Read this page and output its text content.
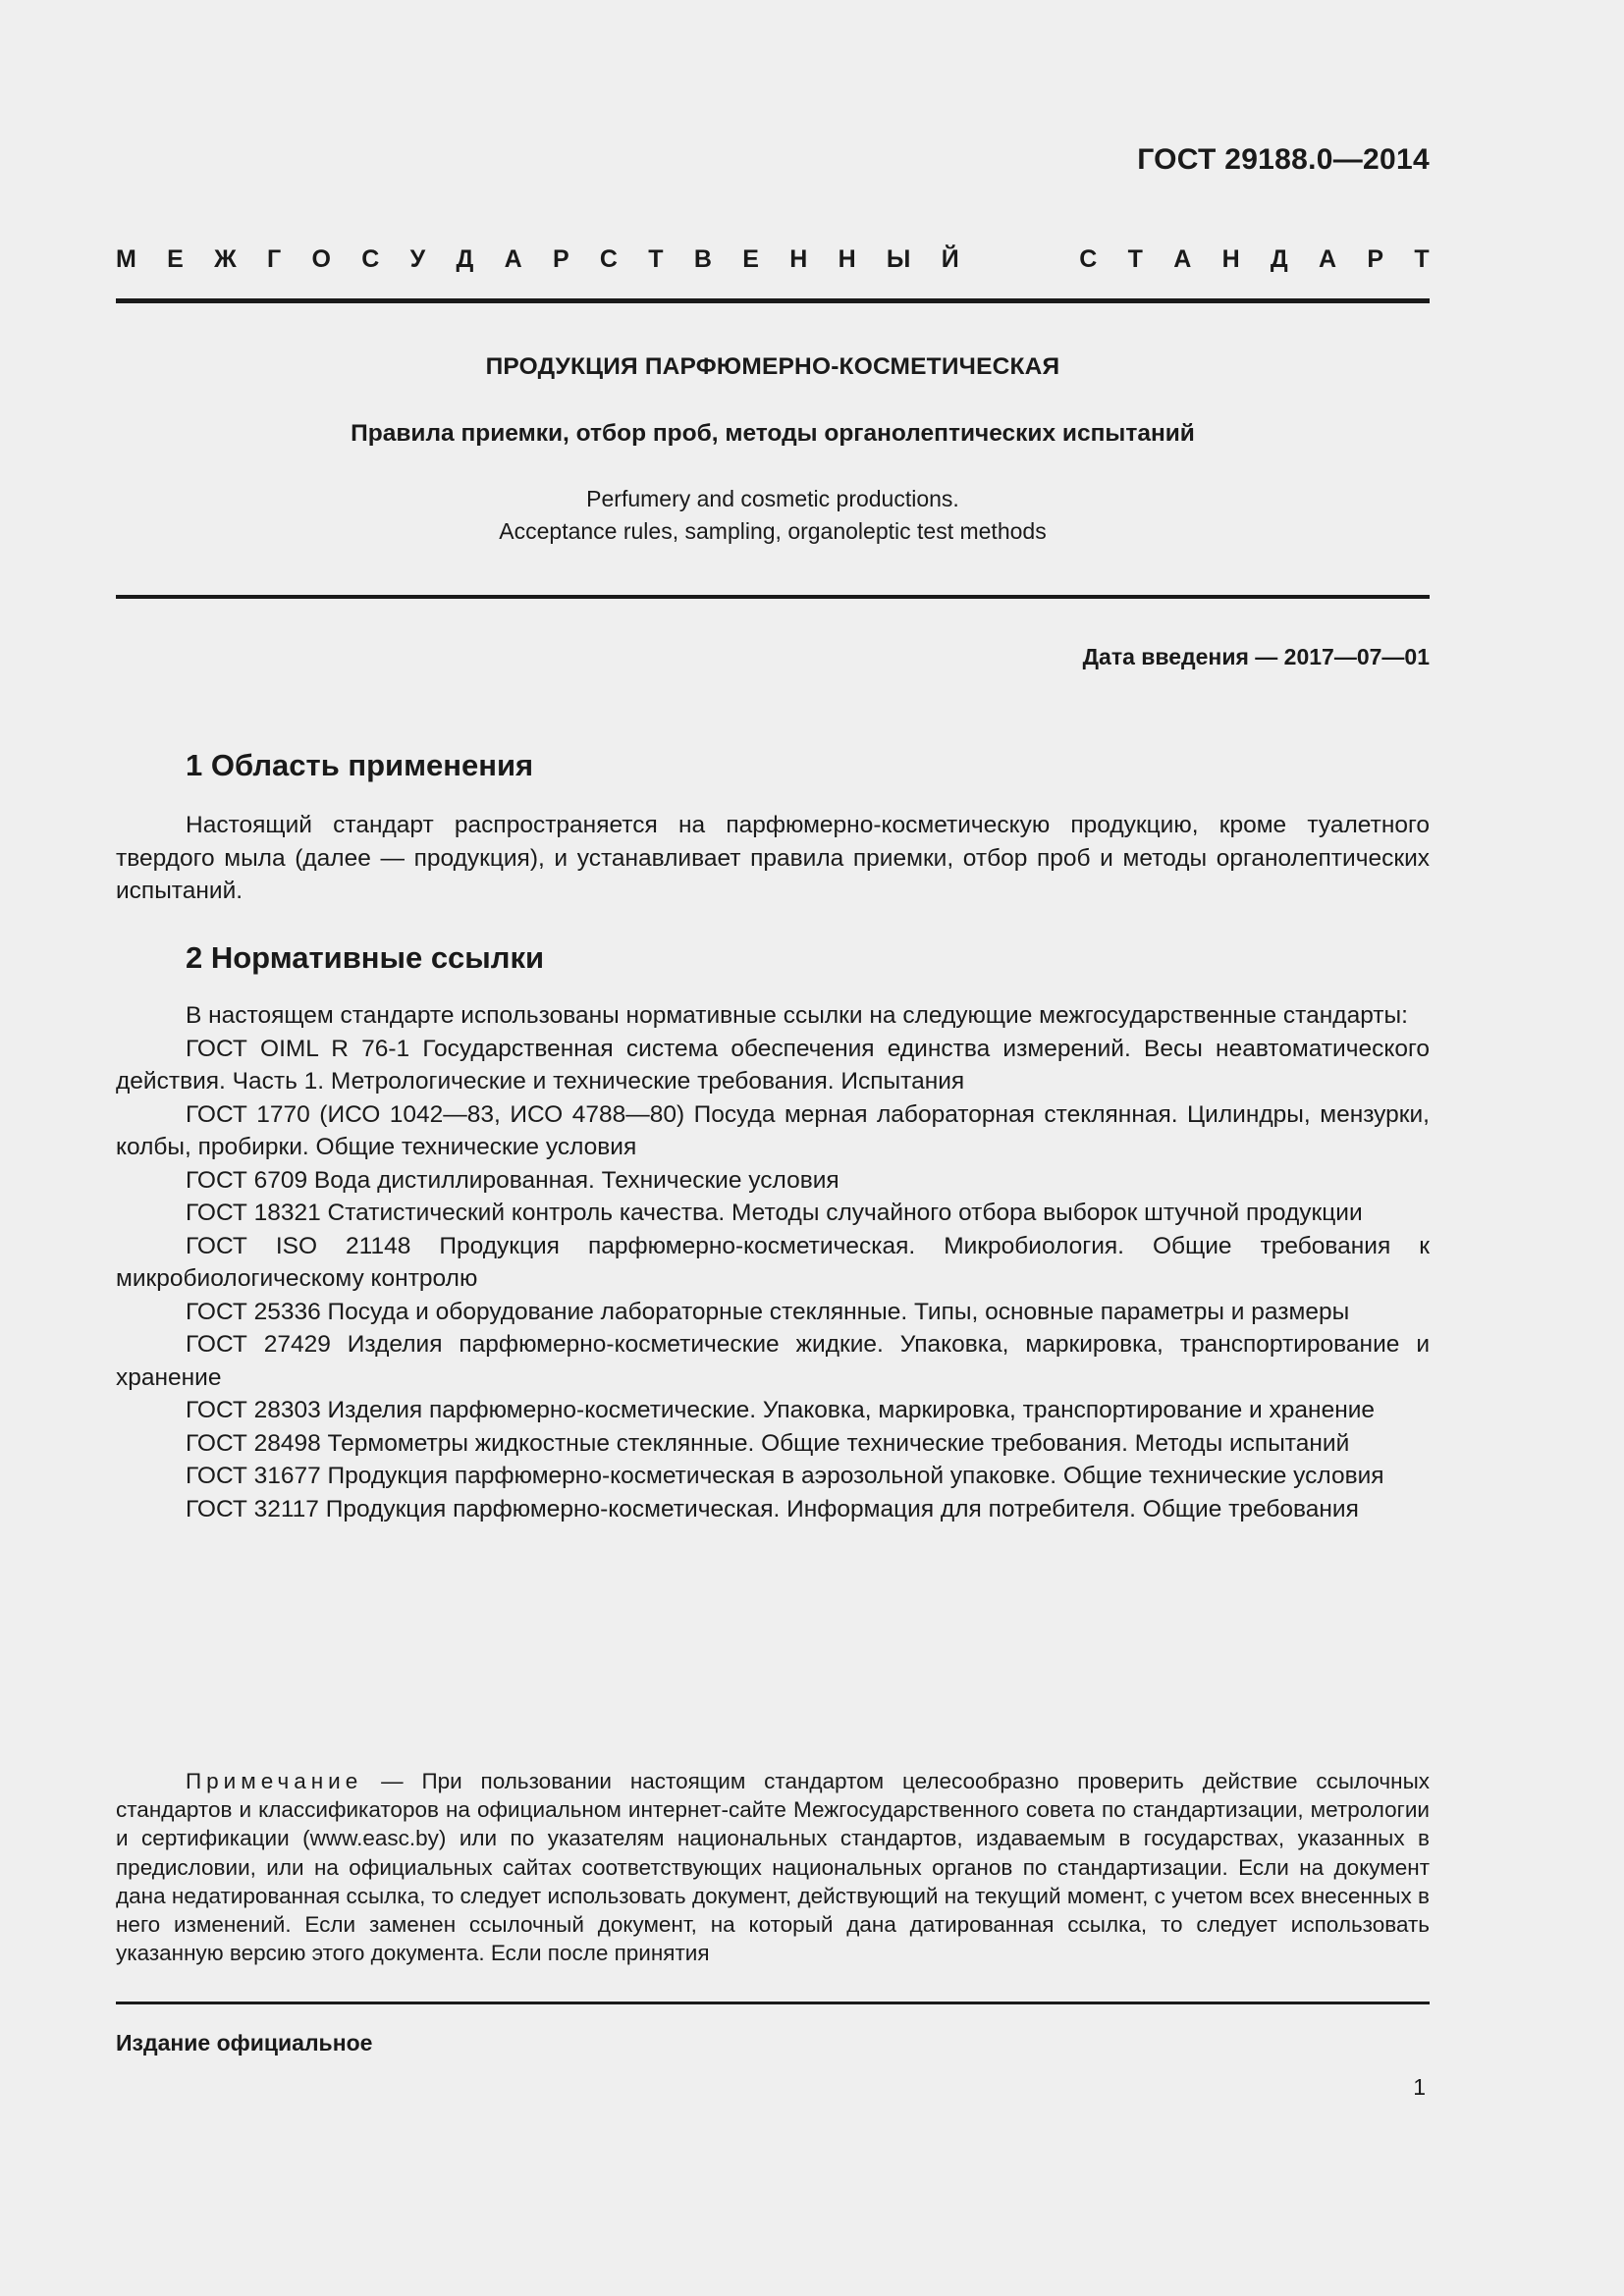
ГОСТ 29188.0—2014
М Е Ж Г О С У Д А Р С Т В Е Н Н Ы Й	С Т А Н Д А Р Т
ПРОДУКЦИЯ ПАРФЮМЕРНО-КОСМЕТИЧЕСКАЯ
Правила приемки, отбор проб, методы органолептических испытаний
Perfumery and cosmetic productions.
Acceptance rules, sampling, organoleptic test methods
Дата введения — 2017—07—01
1 Область применения

Настоящий стандарт распространяется на парфюмерно-косметическую продукцию, кроме туалетного твердого мыла (далее — продукция), и устанавливает правила приемки, отбор проб и методы органолептических испытаний.

2 Нормативные ссылки

В настоящем стандарте использованы нормативные ссылки на следующие межгосударственные стандарты:

ГОСТ OIML R 76-1 Государственная система обеспечения единства измерений. Весы неавтоматического действия. Часть 1. Метрологические и технические требования. Испытания

ГОСТ 1770 (ИСО 1042—83, ИСО 4788—80) Посуда мерная лабораторная стеклянная. Цилиндры, мензурки, колбы, пробирки. Общие технические условия

ГОСТ 6709 Вода дистиллированная. Технические условия

ГОСТ 18321 Статистический контроль качества. Методы случайного отбора выборок штучной продукции

ГОСТ ISO 21148 Продукция парфюмерно-косметическая. Микробиология. Общие требования к микробиологическому контролю

ГОСТ 25336 Посуда и оборудование лабораторные стеклянные. Типы, основные параметры и размеры

ГОСТ 27429 Изделия парфюмерно-косметические жидкие. Упаковка, маркировка, транспортирование и хранение

ГОСТ 28303 Изделия парфюмерно-косметические. Упаковка, маркировка, транспортирование и хранение

ГОСТ 28498 Термометры жидкостные стеклянные. Общие технические требования. Методы испытаний

ГОСТ 31677 Продукция парфюмерно-косметическая в аэрозольной упаковке. Общие технические условия

ГОСТ 32117 Продукция парфюмерно-косметическая. Информация для потребителя. Общие требования

Примечание — При пользовании настоящим стандартом целесообразно проверить действие ссылочных стандартов и классификаторов на официальном интернет-сайте Межгосударственного совета по стандартизации, метрологии и сертификации (www.easc.by) или по указателям национальных стандартов, издаваемым в государствах, указанных в предисловии, или на официальных сайтах соответствующих национальных органов по стандартизации. Если на документ дана недатированная ссылка, то следует использовать документ, действующий на текущий момент, с учетом всех внесенных в него изменений. Если заменен ссылочный документ, на который дана датированная ссылка, то следует использовать указанную версию этого документа. Если после принятия

Издание официальное
1
